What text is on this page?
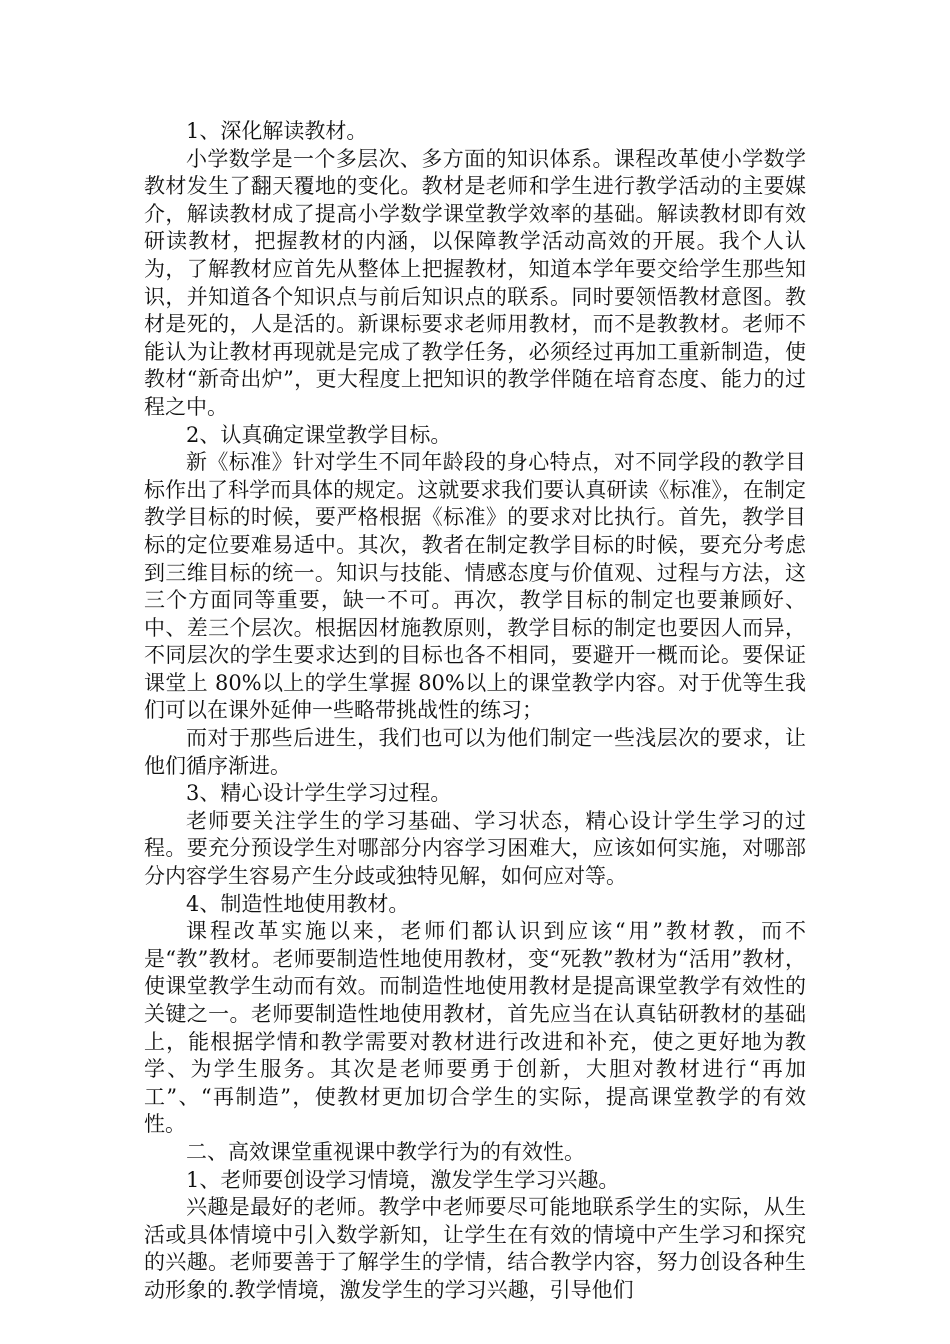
1、深化解读教材。

小学数学是一个多层次、多方面的知识体系。课程改革使小学数学教材发生了翻天覆地的变化。教材是老师和学生进行教学活动的主要媒介，解读教材成了提高小学数学课堂教学效率的基础。解读教材即有效研读教材，把握教材的内涵，以保障教学活动高效的开展。我个人认为，了解教材应首先从整体上把握教材，知道本学年要交给学生那些知识，并知道各个知识点与前后知识点的联系。同时要领悟教材意图。教材是死的，人是活的。新课标要求老师用教材，而不是教教材。老师不能认为让教材再现就是完成了教学任务，必须经过再加工重新制造，使教材“新奇出炉”，更大程度上把知识的教学伴随在培育态度、能力的过程之中。

2、认真确定课堂教学目标。

新《标准》针对学生不同年龄段的身心特点，对不同学段的教学目标作出了科学而具体的规定。这就要求我们要认真研读《标准》，在制定教学目标的时候，要严格根据《标准》的要求对比执行。首先，教学目标的定位要难易适中。其次，教者在制定教学目标的时候，要充分考虑到三维目标的统一。知识与技能、情感态度与价值观、过程与方法，这三个方面同等重要，缺一不可。再次，教学目标的制定也要兼顾好、中、差三个层次。根据因材施教原则，教学目标的制定也要因人而异，不同层次的学生要求达到的目标也各不相同，要避开一概而论。要保证课堂上 80%以上的学生掌握 80%以上的课堂教学内容。对于优等生我们可以在课外延伸一些略带挑战性的练习；

而对于那些后进生，我们也可以为他们制定一些浅层次的要求，让他们循序渐进。

3、精心设计学生学习过程。

老师要关注学生的学习基础、学习状态，精心设计学生学习的过程。要充分预设学生对哪部分内容学习困难大，应该如何实施，对哪部分内容学生容易产生分歧或独特见解，如何应对等。

4、制造性地使用教材。

课程改革实施以来，老师们都认识到应该“用”教材教，而不是“教”教材。老师要制造性地使用教材，变“死教”教材为“活用”教材，使课堂教学生动而有效。而制造性地使用教材是提高课堂教学有效性的关键之一。老师要制造性地使用教材，首先应当在认真钻研教材的基础上，能根据学情和教学需要对教材进行改进和补充，使之更好地为教学、为学生服务。其次是老师要勇于创新，大胆对教材进行“再加工”、“再制造”，使教材更加切合学生的实际，提高课堂教学的有效性。

二、高效课堂重视课中教学行为的有效性。

1、老师要创设学习情境，激发学生学习兴趣。

兴趣是最好的老师。教学中老师要尽可能地联系学生的实际，从生活或具体情境中引入数学新知，让学生在有效的情境中产生学习和探究的兴趣。老师要善于了解学生的学情，结合教学内容，努力创设各种生动形象的.教学情境，激发学生的学习兴趣，引导他们
